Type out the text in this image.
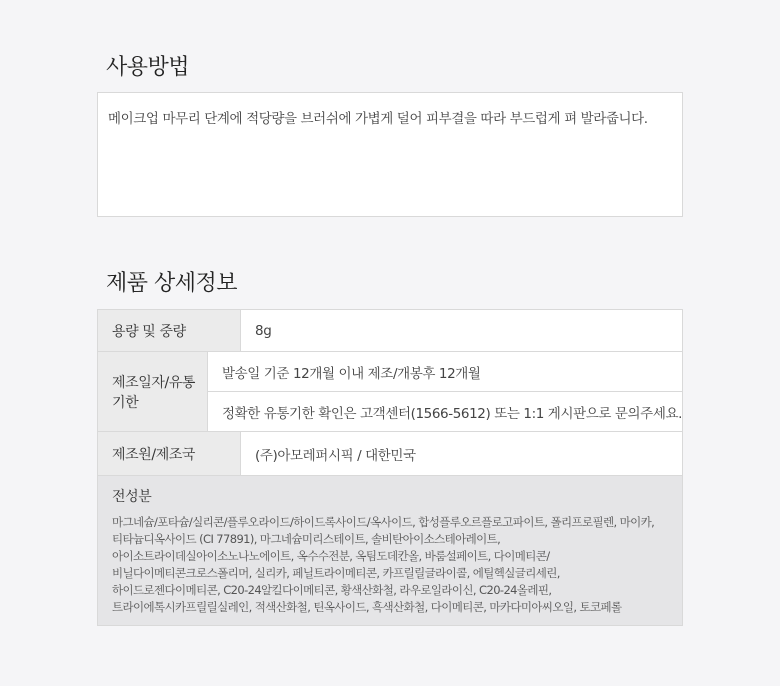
사용방법
메이크업 마무리 단계에 적당량을 브러쉬에 가볍게 덜어 피부결을 따라 부드럽게 펴 발라줍니다.
제품 상세정보
용량 및 중량	8g
제조일자/유통기한
발송일 기준 12개월 이내 제조/개봉후 12개월
정확한 유통기한 확인은 고객센터(1566-5612) 또는 1:1 게시판으로 문의주세요.
제조원/제조국	(주)아모레퍼시픽 / 대한민국
전성분
마그네슘/포타슘/실리콘/플루오라이드/하이드록사이드/옥사이드, 합성플루오르플로고파이트, 폴리프로필렌, 마이카, 티타늄디옥사이드 (CI 77891), 마그네슘미리스테이트, 솔비탄아이소스테아레이트, 아이소트라이데실아이소노나노에이트, 옥수수전분, 옥팀도데칸올, 바룸설페이트, 다이메티콘/비닐다이메티콘크로스폴리머, 실리카, 페닐트라이메티콘, 카프릴릴글라이콜, 에틸헥실글리세린, 하이드로젠다이메티콘, C20-24알킬다이메티콘, 황색산화철, 라우로일라이신, C20-24올레핀, 트라이에톡시카프릴릴실레인, 적색산화철, 틴옥사이드, 흑색산화철, 다이메티콘, 마카다미아씨오일, 토코페롤
